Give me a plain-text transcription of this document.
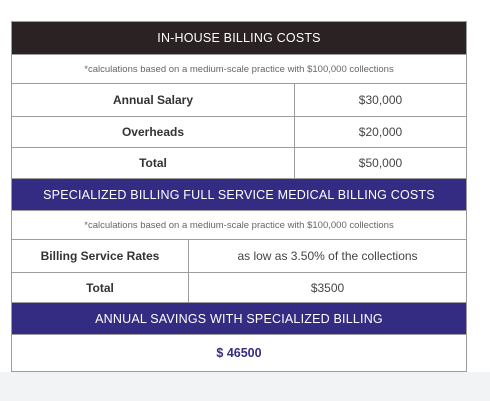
IN-HOUSE BILLING COSTS
*calculations based on a medium-scale practice with $100,000 collections
Annual Salary	$30,000
Overheads	$20,000
Total	$50,000
SPECIALIZED BILLING FULL SERVICE MEDICAL BILLING COSTS
*calculations based on a medium-scale practice with $100,000 collections
Billing Service Rates	as low as 3.50% of the collections
Total	$3500
ANNUAL SAVINGS WITH SPECIALIZED BILLING
$ 46500
